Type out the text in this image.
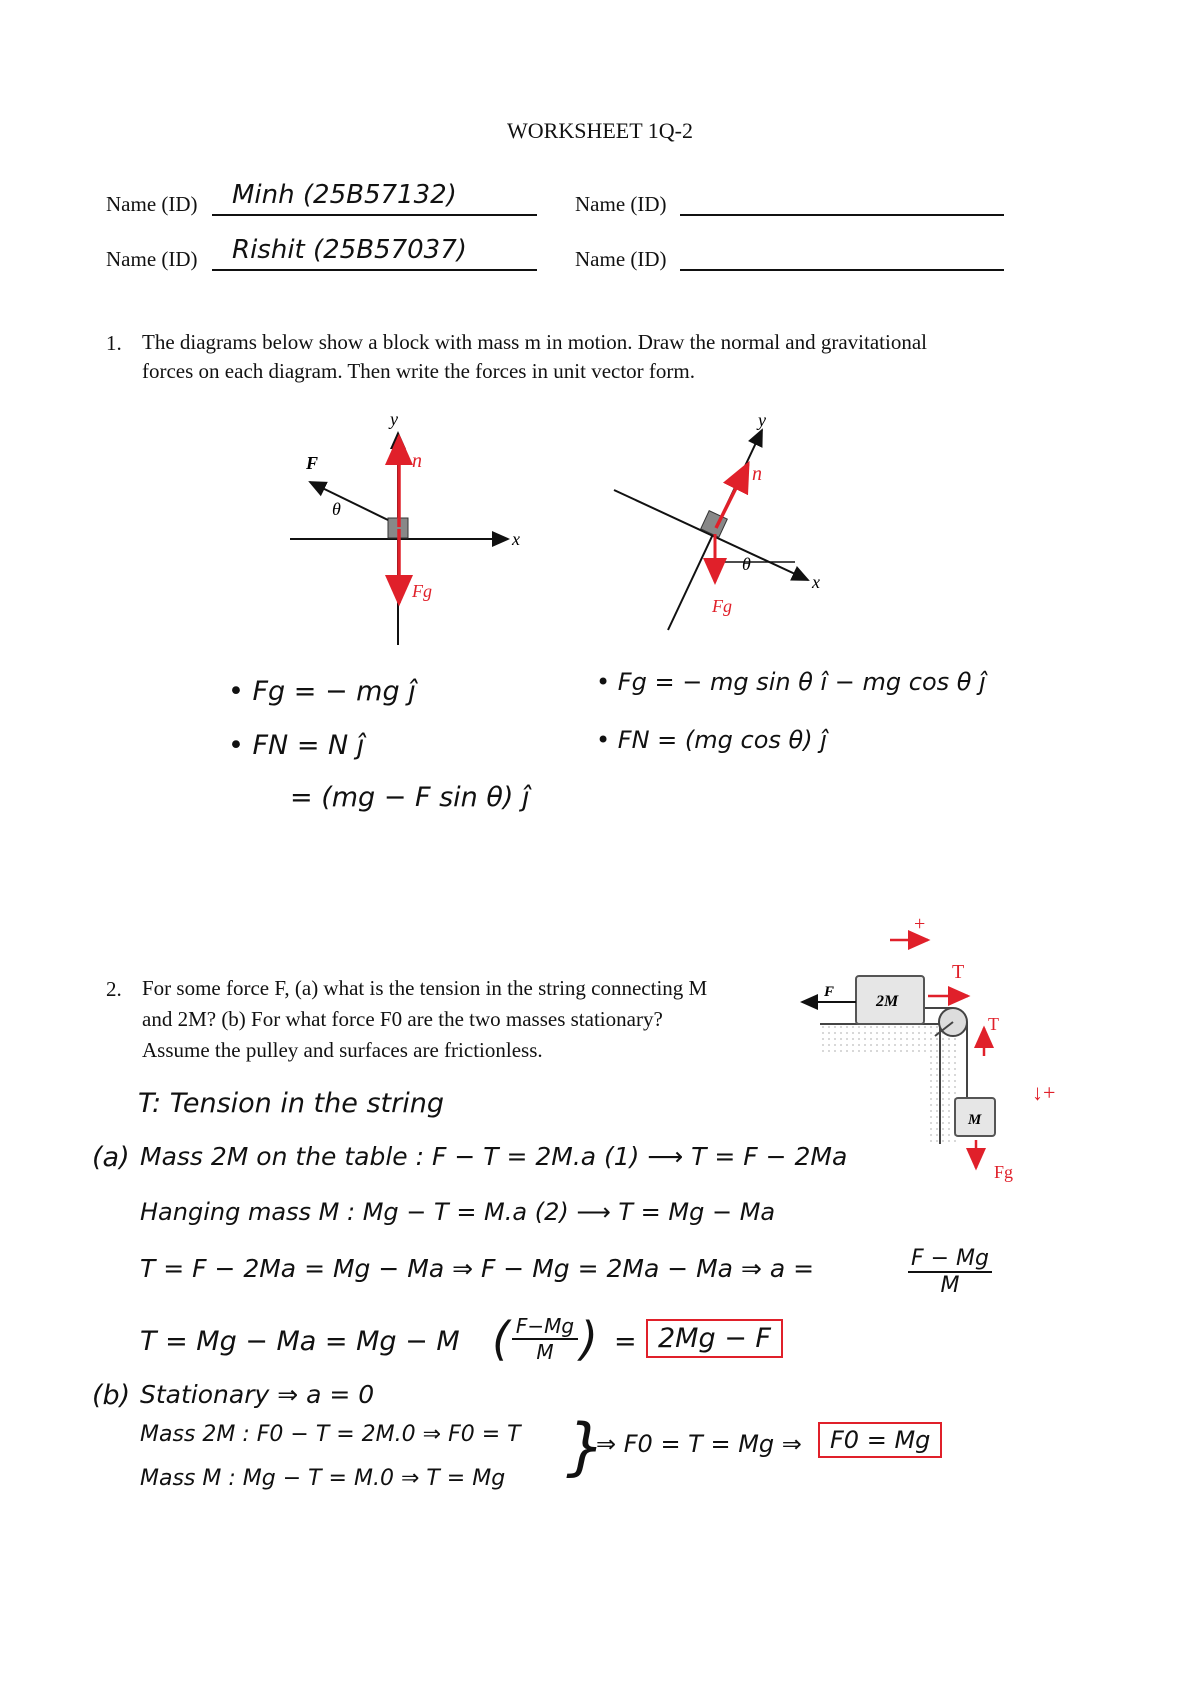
WORKSHEET 1Q-2
Name (ID) Minh (25B57132)	Name (ID)
Name (ID) Rishit (25B57037)	Name (ID)
1. The diagrams below show a block with mass m in motion. Draw the normal and gravitational
forces on each diagram. Then write the forces in unit vector form.
y
x
F
θ
n
Fg
y
x
θ
n
Fg
• Fg = − mg ĵ
• FN = N ĵ
= (mg − F sin θ) ĵ
• Fg = − mg sin θ î − mg cos θ ĵ
• FN = (mg cos θ) ĵ
2. For some force F, (a) what is the tension in the string connecting M
and 2M? (b) For what force F0 are the two masses stationary?
Assume the pulley and surfaces are frictionless.
2M
M
F
+
T
T
Fg
↓+
T: Tension in the string
(a) Mass 2M on the table : F − T = 2M.a (1) ⟶ T = F − 2Ma
Hanging mass M : Mg − T = M.a (2) ⟶ T = Mg − Ma
T = F − 2Ma = Mg − Ma ⇒ F − Mg = 2Ma − Ma ⇒ a =	$\frac{F - Mg}{M}$
T = Mg − Ma = Mg − M ( $\frac{F-Mg}{M}$ ) = 2Mg − F
(b) Stationary ⇒ a = 0
Mass 2M : F0 − T = 2M.0 ⇒ F0 = T
Mass M : Mg − T = M.0 ⇒ T = Mg }
⇒ F0 = T = Mg ⇒	F0 = Mg
